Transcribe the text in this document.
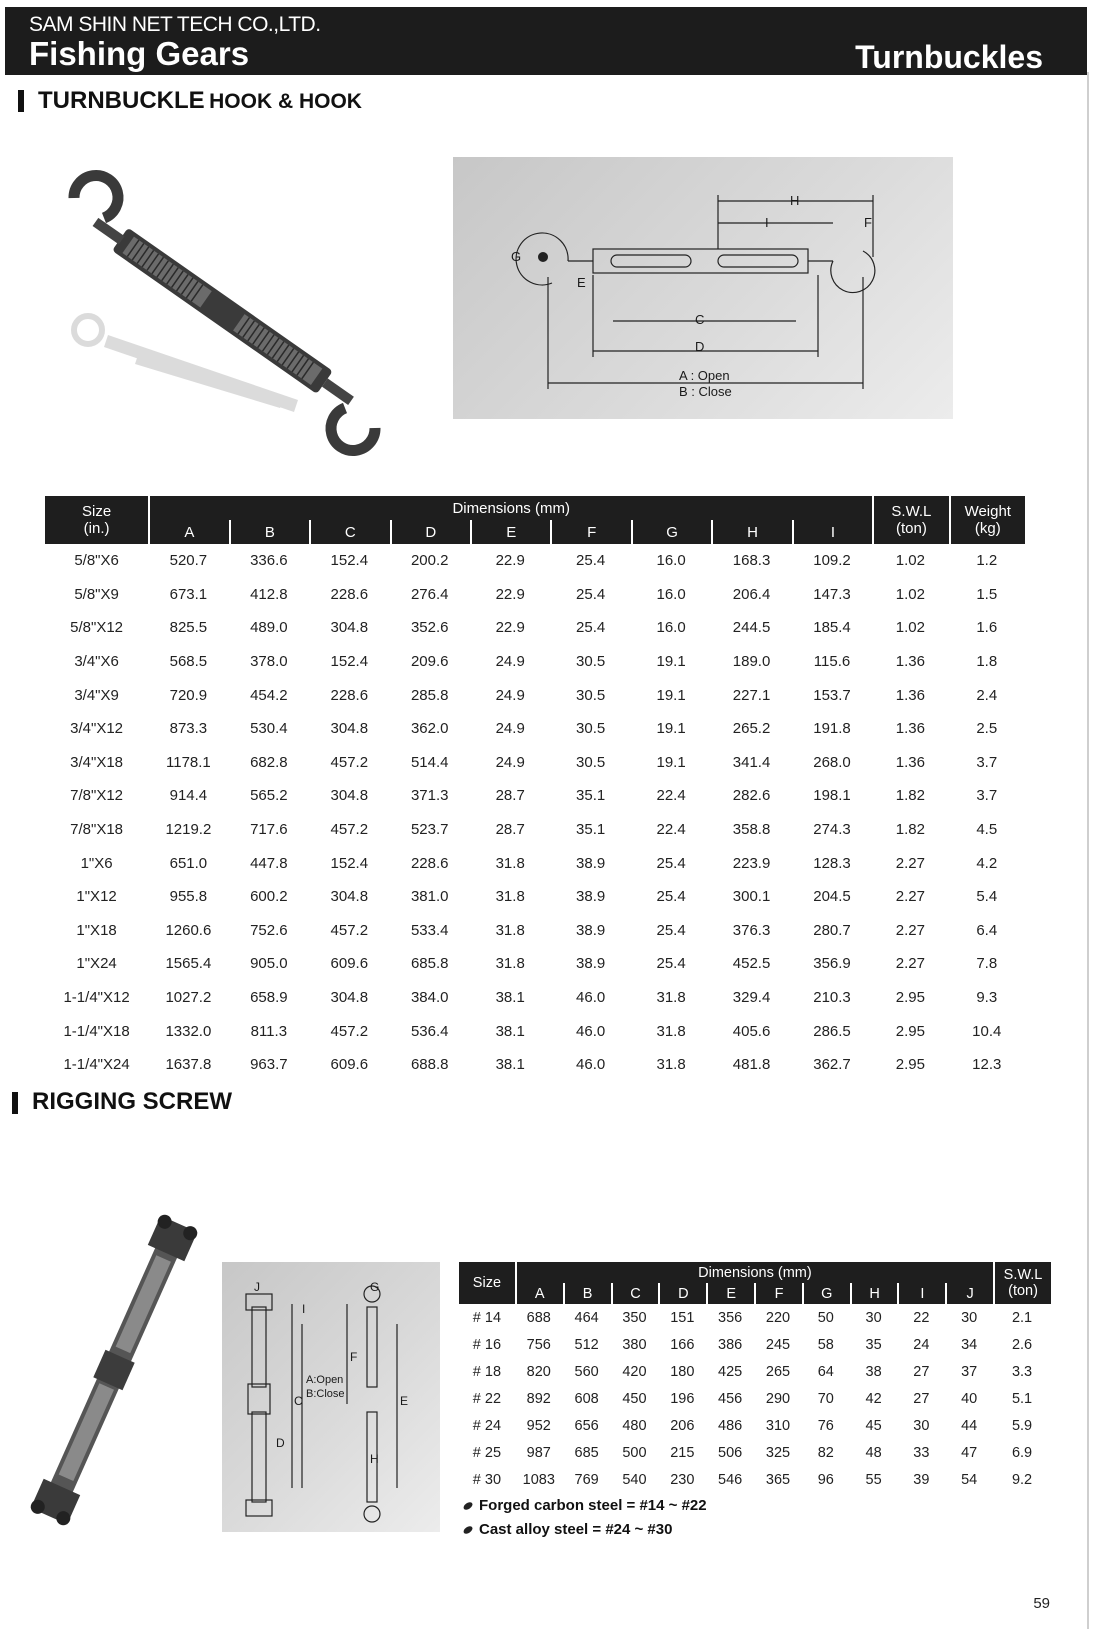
SAM SHIN NET TECH CO.,LTD.
Fishing Gears	Turnbuckles
TURNBUCKLE HOOK & HOOK
H
I	F
G
E
C
D
A : Open
B : Close
Size
(in.)	Dimensions (mm)									S.W.L
(ton)	Weight
(kg)
	A	B	C	D	E	F	G	H	I		
5/8"X6	520.7	336.6	152.4	200.2	22.9	25.4	16.0	168.3	109.2	1.02	1.2
5/8"X9	673.1	412.8	228.6	276.4	22.9	25.4	16.0	206.4	147.3	1.02	1.5
5/8"X12	825.5	489.0	304.8	352.6	22.9	25.4	16.0	244.5	185.4	1.02	1.6
3/4"X6	568.5	378.0	152.4	209.6	24.9	30.5	19.1	189.0	115.6	1.36	1.8
3/4"X9	720.9	454.2	228.6	285.8	24.9	30.5	19.1	227.1	153.7	1.36	2.4
3/4"X12	873.3	530.4	304.8	362.0	24.9	30.5	19.1	265.2	191.8	1.36	2.5
3/4"X18	1178.1	682.8	457.2	514.4	24.9	30.5	19.1	341.4	268.0	1.36	3.7
7/8"X12	914.4	565.2	304.8	371.3	28.7	35.1	22.4	282.6	198.1	1.82	3.7
7/8"X18	1219.2	717.6	457.2	523.7	28.7	35.1	22.4	358.8	274.3	1.82	4.5
1"X6	651.0	447.8	152.4	228.6	31.8	38.9	25.4	223.9	128.3	2.27	4.2
1"X12	955.8	600.2	304.8	381.0	31.8	38.9	25.4	300.1	204.5	2.27	5.4
1"X18	1260.6	752.6	457.2	533.4	31.8	38.9	25.4	376.3	280.7	2.27	6.4
1"X24	1565.4	905.0	609.6	685.8	31.8	38.9	25.4	452.5	356.9	2.27	7.8
1-1/4"X12	1027.2	658.9	304.8	384.0	38.1	46.0	31.8	329.4	210.3	2.95	9.3
1-1/4"X18	1332.0	811.3	457.2	536.4	38.1	46.0	31.8	405.6	286.5	2.95	10.4
1-1/4"X24	1637.8	963.7	609.6	688.8	38.1	46.0	31.8	481.8	362.7	2.95	12.3
RIGGING SCREW
J
I
G
F
A:Open
B:Close
C	E
D
H
Size	Dimensions (mm)										S.W.L
(ton)
	A	B	C	D	E	F	G	H	I	J	
# 14	688	464	350	151	356	220	50	30	22	30	2.1
# 16	756	512	380	166	386	245	58	35	24	34	2.6
# 18	820	560	420	180	425	265	64	38	27	37	3.3
# 22	892	608	450	196	456	290	70	42	27	40	5.1
# 24	952	656	480	206	486	310	76	45	30	44	5.9
# 25	987	685	500	215	506	325	82	48	33	47	6.9
# 30	1083	769	540	230	546	365	96	55	39	54	9.2
Forged carbon steel = #14 ~ #22
Cast alloy steel = #24 ~ #30
59
